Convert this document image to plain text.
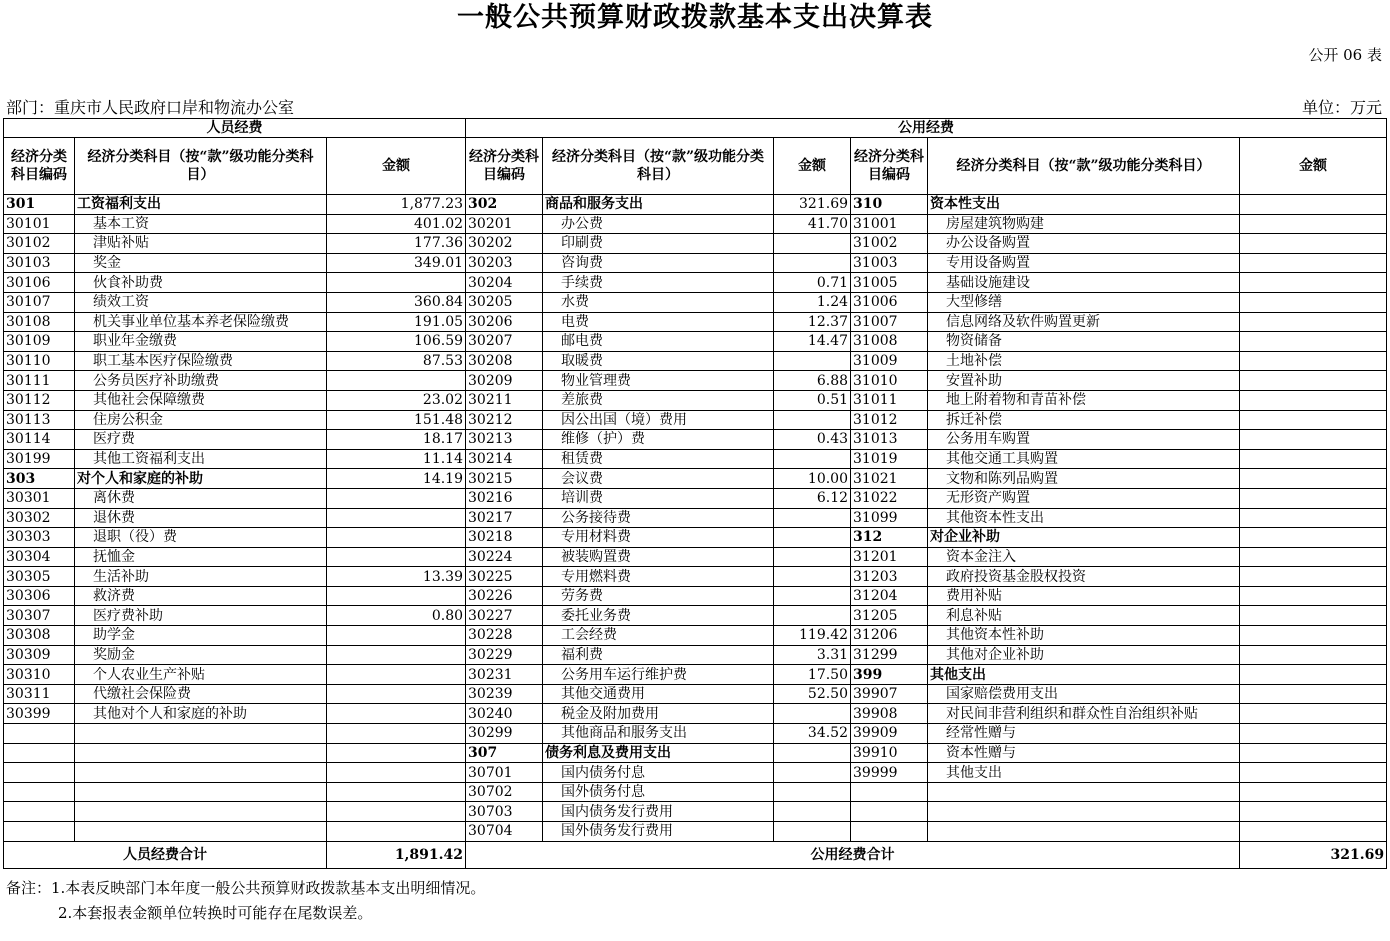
一般公共预算财政拨款基本支出决算表
公开 06 表
部门：重庆市人民政府口岸和物流办公室	单位：万元
人员经费			公用经费					
经济分类科目编码	经济分类科目（按“款”级功能分类科目）	金额	经济分类科目编码	经济分类科目（按“款”级功能分类科目）	金额	经济分类科目编码	经济分类科目（按“款”级功能分类科目）	金额
301	工资福利支出	1,877.23	302	商品和服务支出	321.69	310	资本性支出	
30101	基本工资	401.02	30201	办公费	41.70	31001	房屋建筑物购建	
30102	津贴补贴	177.36	30202	印刷费		31002	办公设备购置	
30103	奖金	349.01	30203	咨询费		31003	专用设备购置	
30106	伙食补助费		30204	手续费	0.71	31005	基础设施建设	
30107	绩效工资	360.84	30205	水费	1.24	31006	大型修缮	
30108	机关事业单位基本养老保险缴费	191.05	30206	电费	12.37	31007	信息网络及软件购置更新	
30109	职业年金缴费	106.59	30207	邮电费	14.47	31008	物资储备	
30110	职工基本医疗保险缴费	87.53	30208	取暖费		31009	土地补偿	
30111	公务员医疗补助缴费		30209	物业管理费	6.88	31010	安置补助	
30112	其他社会保障缴费	23.02	30211	差旅费	0.51	31011	地上附着物和青苗补偿	
30113	住房公积金	151.48	30212	因公出国（境）费用		31012	拆迁补偿	
30114	医疗费	18.17	30213	维修（护）费	0.43	31013	公务用车购置	
30199	其他工资福利支出	11.14	30214	租赁费		31019	其他交通工具购置	
303	对个人和家庭的补助	14.19	30215	会议费	10.00	31021	文物和陈列品购置	
30301	离休费		30216	培训费	6.12	31022	无形资产购置	
30302	退休费		30217	公务接待费		31099	其他资本性支出	
30303	退职（役）费		30218	专用材料费		312	对企业补助	
30304	抚恤金		30224	被装购置费		31201	资本金注入	
30305	生活补助	13.39	30225	专用燃料费		31203	政府投资基金股权投资	
30306	救济费		30226	劳务费		31204	费用补贴	
30307	医疗费补助	0.80	30227	委托业务费		31205	利息补贴	
30308	助学金		30228	工会经费	119.42	31206	其他资本性补助	
30309	奖励金		30229	福利费	3.31	31299	其他对企业补助	
30310	个人农业生产补贴		30231	公务用车运行维护费	17.50	399	其他支出	
30311	代缴社会保险费		30239	其他交通费用	52.50	39907	国家赔偿费用支出	
30399	其他对个人和家庭的补助		30240	税金及附加费用		39908	对民间非营利组织和群众性自治组织补贴	
			30299	其他商品和服务支出	34.52	39909	经常性赠与	
			307	债务利息及费用支出		39910	资本性赠与	
			30701	国内债务付息		39999	其他支出	
			30702	国外债务付息				
			30703	国内债务发行费用				
			30704	国外债务发行费用				
人员经费合计		1,891.42	公用经费合计					321.69
备注：1.本表反映部门本年度一般公共预算财政拨款基本支出明细情况。
2.本套报表金额单位转换时可能存在尾数误差。
